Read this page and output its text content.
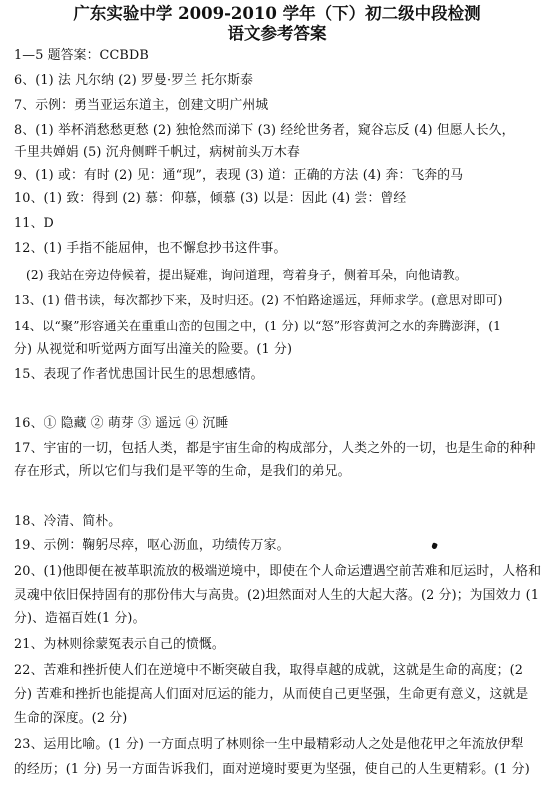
广东实验中学 2009-2010 学年（下）初二级中段检测
语文参考答案
1—5 题答案：CCBDB
6、(1) 法 凡尔纳 (2) 罗曼·罗兰 托尔斯泰
7、示例：勇当亚运东道主，创建文明广州城
8、(1) 举杯消愁愁更愁 (2) 独怆然而涕下 (3) 经纶世务者，窥谷忘反 (4) 但愿人长久，
千里共婵娟 (5) 沉舟侧畔千帆过，病树前头万木春
9、(1) 或：有时 (2) 见：通“现”，表现 (3) 道：正确的方法 (4) 奔：飞奔的马
10、(1) 致：得到 (2) 慕：仰慕，倾慕 (3) 以是：因此 (4) 尝：曾经
11、D
12、(1) 手指不能屈伸，也不懈怠抄书这件事。
(2) 我站在旁边侍候着，提出疑难，询问道理，弯着身子，侧着耳朵，向他请教。
13、(1) 借书读，每次都抄下来，及时归还。(2) 不怕路途遥远，拜师求学。(意思对即可)
14、以“聚”形容通关在重重山峦的包围之中，(1 分) 以“怒”形容黄河之水的奔腾澎湃，(1
分) 从视觉和听觉两方面写出潼关的险要。(1 分)
15、表现了作者忧患国计民生的思想感情。
16、① 隐藏 ② 萌芽 ③ 遥远 ④ 沉睡
17、宇宙的一切，包括人类，都是宇宙生命的构成部分，人类之外的一切，也是生命的种种
存在形式，所以它们与我们是平等的生命，是我们的弟兄。
18、冷清、简朴。
19、示例：鞠躬尽瘁，呕心沥血，功绩传万家。
20、(1)他即便在被革职流放的极端逆境中，即使在个人命运遭遇空前苦难和厄运时，人格和
灵魂中依旧保持固有的那份伟大与高贵。(2)坦然面对人生的大起大落。(2 分)；为国效力 (1
分)、造福百姓(1 分)。
21、为林则徐蒙冤表示自己的愤慨。
22、苦难和挫折使人们在逆境中不断突破自我，取得卓越的成就，这就是生命的高度；(2
分) 苦难和挫折也能提高人们面对厄运的能力，从而使自己更坚强，生命更有意义，这就是
生命的深度。(2 分)
23、运用比喻。(1 分) 一方面点明了林则徐一生中最精彩动人之处是他花甲之年流放伊犁
的经历；(1 分) 另一方面告诉我们，面对逆境时要更为坚强，使自己的人生更精彩。(1 分)
